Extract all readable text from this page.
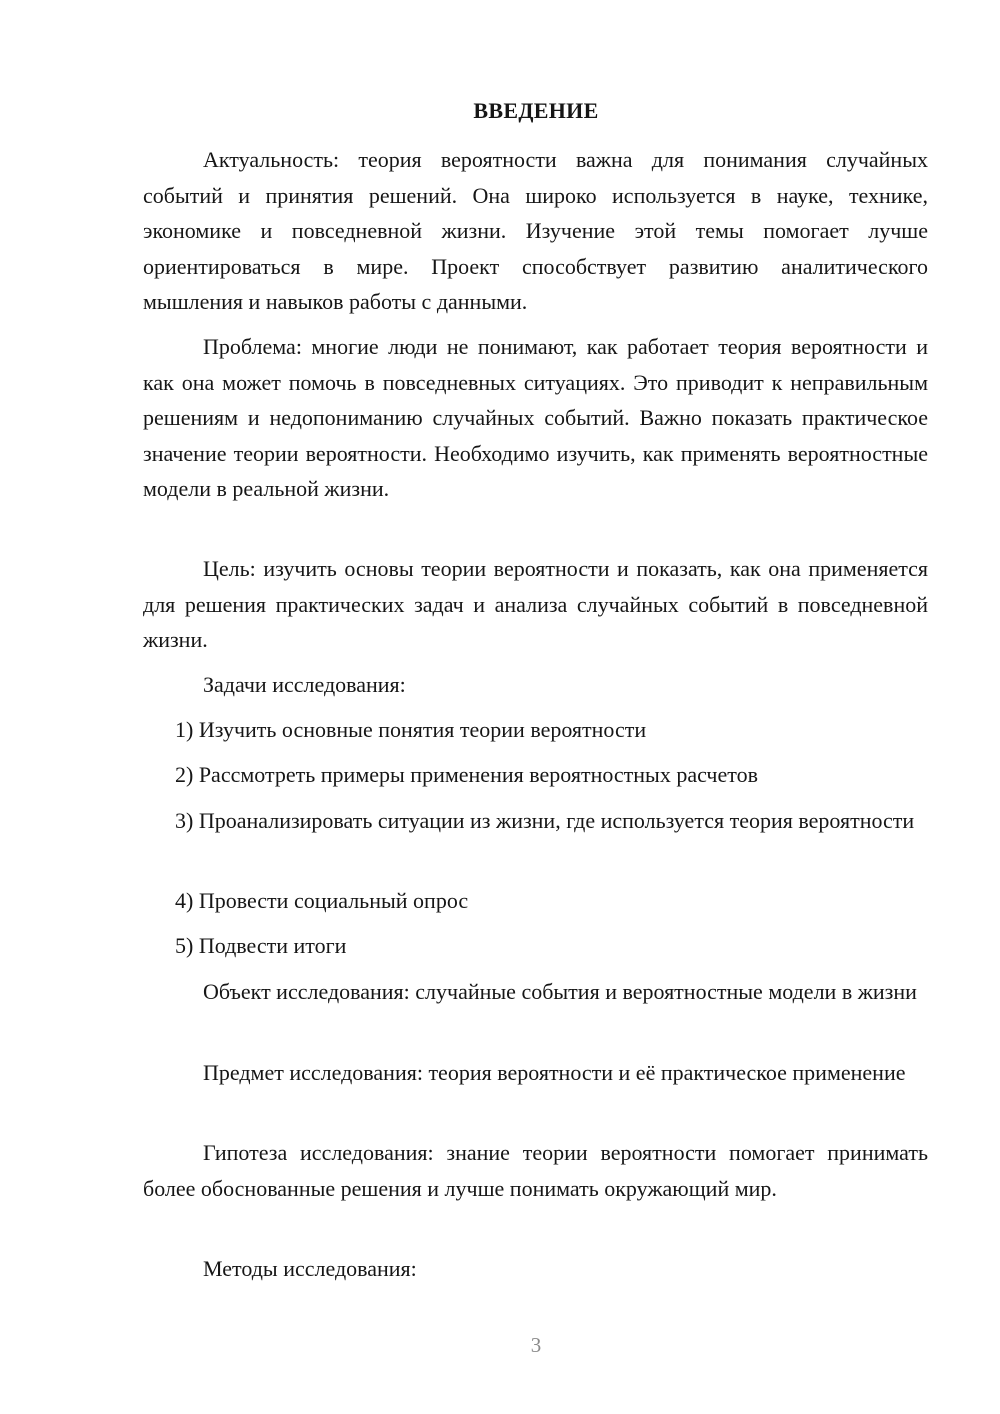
ВВЕДЕНИЕ

Актуальность: теория вероятности важна для понимания случайных событий и принятия решений. Она широко используется в науке, технике, экономике и повседневной жизни. Изучение этой темы помогает лучше ориентироваться в мире. Проект способствует развитию аналитического мышления и навыков работы с данными.

Проблема: многие люди не понимают, как работает теория вероятности и как она может помочь в повседневных ситуациях. Это приводит к неправильным решениям и недопониманию случайных событий. Важно показать практическое значение теории вероятности. Необходимо изучить, как применять вероятностные модели в реальной жизни.

Цель: изучить основы теории вероятности и показать, как она применяется для решения практических задач и анализа случайных событий в повседневной жизни.

Задачи исследования:

1) Изучить основные понятия теории вероятности

2) Рассмотреть примеры применения вероятностных расчетов

3) Проанализировать ситуации из жизни, где используется теория вероятности

4) Провести социальный опрос

5) Подвести итоги

Объект исследования: случайные события и вероятностные модели в жизни

Предмет исследования: теория вероятности и её практическое применение

Гипотеза исследования: знание теории вероятности помогает принимать более обоснованные решения и лучше понимать окружающий мир.

Методы исследования:

3
